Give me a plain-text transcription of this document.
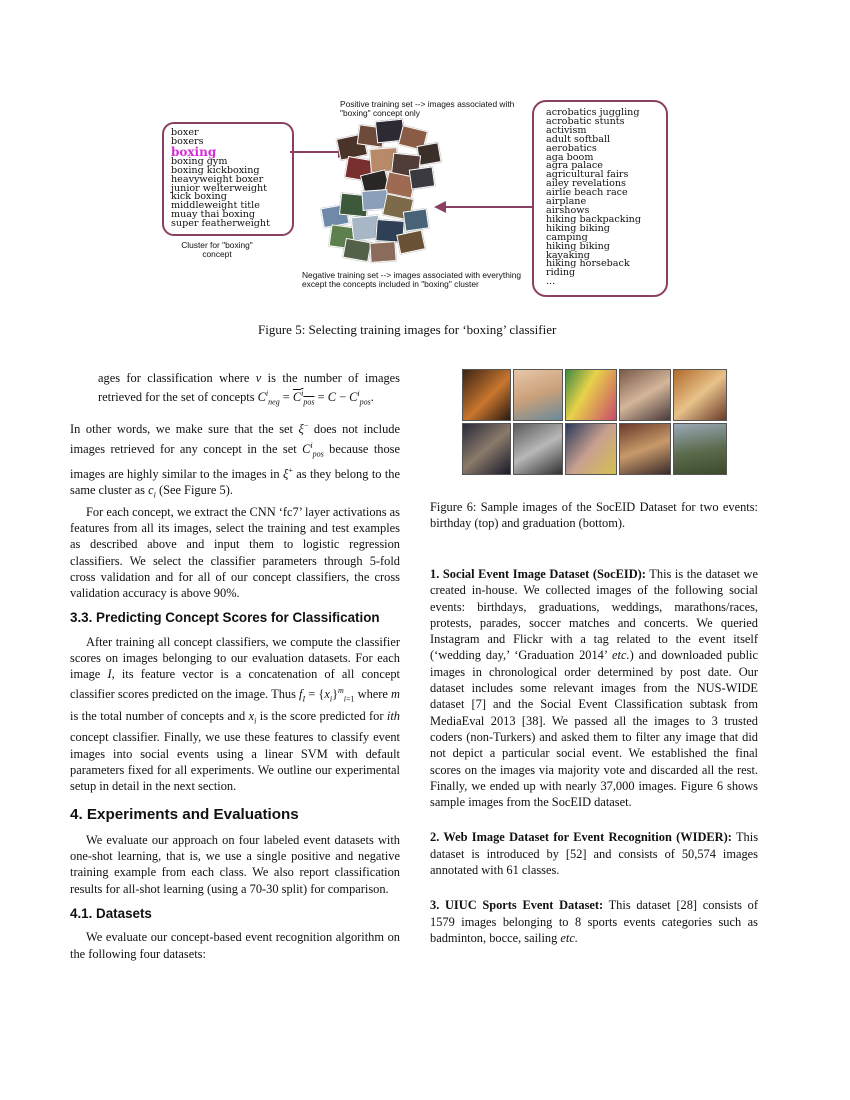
Positive training set --> images associated with "boxing" concept only
boxer
boxers
boxing
boxing gym
boxing kickboxing
heavyweight boxer
junior welterweight
kick boxing
middleweight title
muay thai boxing
super featherweight
Cluster for "boxing" concept
Negative training set --> images associated with everything except the concepts included in "boxing" cluster
acrobatics juggling
acrobatic stunts
activism
adult softball
aerobatics
aga boom
agra palace
agricultural fairs
ailey revelations
airlie beach race
airplane
airshows
hiking backpacking
hiking biking
camping
hiking biking
kayaking
hiking horseback
riding
...
Figure 5: Selecting training images for ‘boxing’ classifier

ages for classification where v is the number of images retrieved for the set of concepts $C^i_{neg} = C^i_{pos} = C - C^i_{pos}$.

In other words, we make sure that the set ξ− does not include images retrieved for any concept in the set $C^i_{pos}$ because those images are highly similar to the images in ξ+ as they belong to the same cluster as $c_i$ (See Figure 5).

For each concept, we extract the CNN ‘fc7’ layer activations as features from all its images, select the training and test examples as described above and input them to logistic regression classifiers. We select the classifier parameters through 5-fold cross validation and for all of our concept classifiers, the cross validation accuracy is above 90%.

3.3. Predicting Concept Scores for Classification

After training all concept classifiers, we compute the classifier scores on images belonging to our evaluation datasets. For each image I, its feature vector is a concatenation of all concept classifier scores predicted on the image. Thus $f_I = \{x_i\}^m_{i=1}$ where m is the total number of concepts and $x_i$ is the score predicted for ith concept classifier. Finally, we use these features to classify event images into social events using a linear SVM with default parameters fixed for all experiments. We outline our experimental setup in detail in the next section.

4. Experiments and Evaluations

We evaluate our approach on four labeled event datasets with one-shot learning, that is, we use a single positive and negative training example from each class. We also report classification results for all-shot learning (using a 70-30 split) for comparison.

4.1. Datasets

We evaluate our concept-based event recognition algorithm on the following four datasets:

Figure 6: Sample images of the SocEID Dataset for two events: birthday (top) and graduation (bottom).

1. Social Event Image Dataset (SocEID): This is the dataset we created in-house. We collected images of the following social events: birthdays, graduations, weddings, marathons/races, protests, parades, soccer matches and concerts. We queried Instagram and Flickr with a tag related to the event itself (‘wedding day,’ ‘Graduation 2014’ etc.) and downloaded public images in chronological order determined by post date. Our dataset includes some relevant images from the NUS-WIDE dataset [7] and the Social Event Classification subtask from MediaEval 2013 [38]. We passed all the images to 3 trusted coders (non-Turkers) and asked them to filter any image that did not depict a particular social event. We established the final scores on the images via majority vote and discarded all the rest. Finally, we ended up with nearly 37,000 images. Figure 6 shows sample images from the SocEID dataset.

2. Web Image Dataset for Event Recognition (WIDER): This dataset is introduced by [52] and consists of 50,574 images annotated with 61 classes.

3. UIUC Sports Event Dataset: This dataset [28] consists of 1579 images belonging to 8 sports events categories such as badminton, bocce, sailing etc.
